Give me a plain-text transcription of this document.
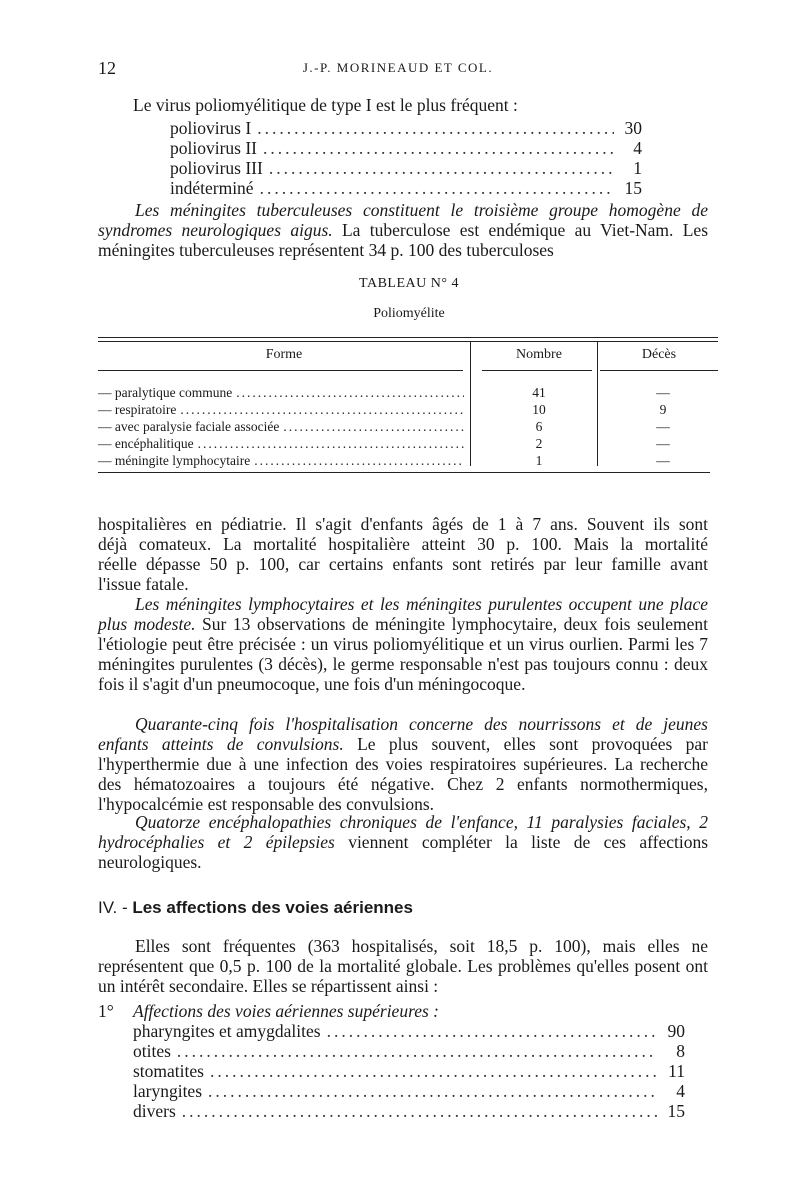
12	J.-P. MORINEAUD ET COL.
Le virus poliomyélitique de type I est le plus fréquent :
poliovirus I .....	30
poliovirus II .....	4
poliovirus III .....	1
indéterminé .....	15
Les méningites tuberculeuses constituent le troisième groupe homogène de syndromes neurologiques aigus. La tuberculose est endémique au Viet-Nam. Les méningites tuberculeuses représentent 34 p. 100 des tuberculoses
TABLEAU N° 4
Poliomyélite
Forme	Nombre	Décès
— paralytique commune .....	41	—
— respiratoire .....	10	9
— avec paralysie faciale associée .....	6	—
— encéphalitique .....	2	—
— méningite lymphocytaire .....	1	—
hospitalières en pédiatrie. Il s'agit d'enfants âgés de 1 à 7 ans. Souvent ils sont
déjà comateux. La mortalité hospitalière atteint 30 p. 100. Mais la mortalité
réelle dépasse 50 p. 100, car certains enfants sont retirés par leur famille avant
l'issue fatale.
Les méningites lymphocytaires et les méningites purulentes occupent une place plus modeste. Sur 13 observations de méningite lymphocytaire, deux fois seulement l'étiologie peut être précisée : un virus poliomyélitique et un virus ourlien. Parmi les 7 méningites purulentes (3 décès), le germe responsable n'est pas toujours connu : deux fois il s'agit d'un pneumocoque, une fois d'un méningocoque.
Quarante-cinq fois l'hospitalisation concerne des nourrissons et de jeunes enfants atteints de convulsions. Le plus souvent, elles sont provoquées par l'hyperthermie due à une infection des voies respiratoires supérieures. La recherche des hématozoaires a toujours été négative. Chez 2 enfants normothermiques, l'hypocalcémie est responsable des convulsions.
Quatorze encéphalopathies chroniques de l'enfance, 11 paralysies faciales, 2 hydrocéphalies et 2 épilepsies viennent compléter la liste de ces affections neurologiques.
IV. - Les affections des voies aériennes
Elles sont fréquentes (363 hospitalisés, soit 18,5 p. 100), mais elles ne représentent que 0,5 p. 100 de la mortalité globale. Les problèmes qu'elles posent ont un intérêt secondaire. Elles se répartissent ainsi :
1° Affections des voies aériennes supérieures :
pharyngites et amygdalites .....	90
otites .....	8
stomatites .....	11
laryngites .....	4
divers .....	15
